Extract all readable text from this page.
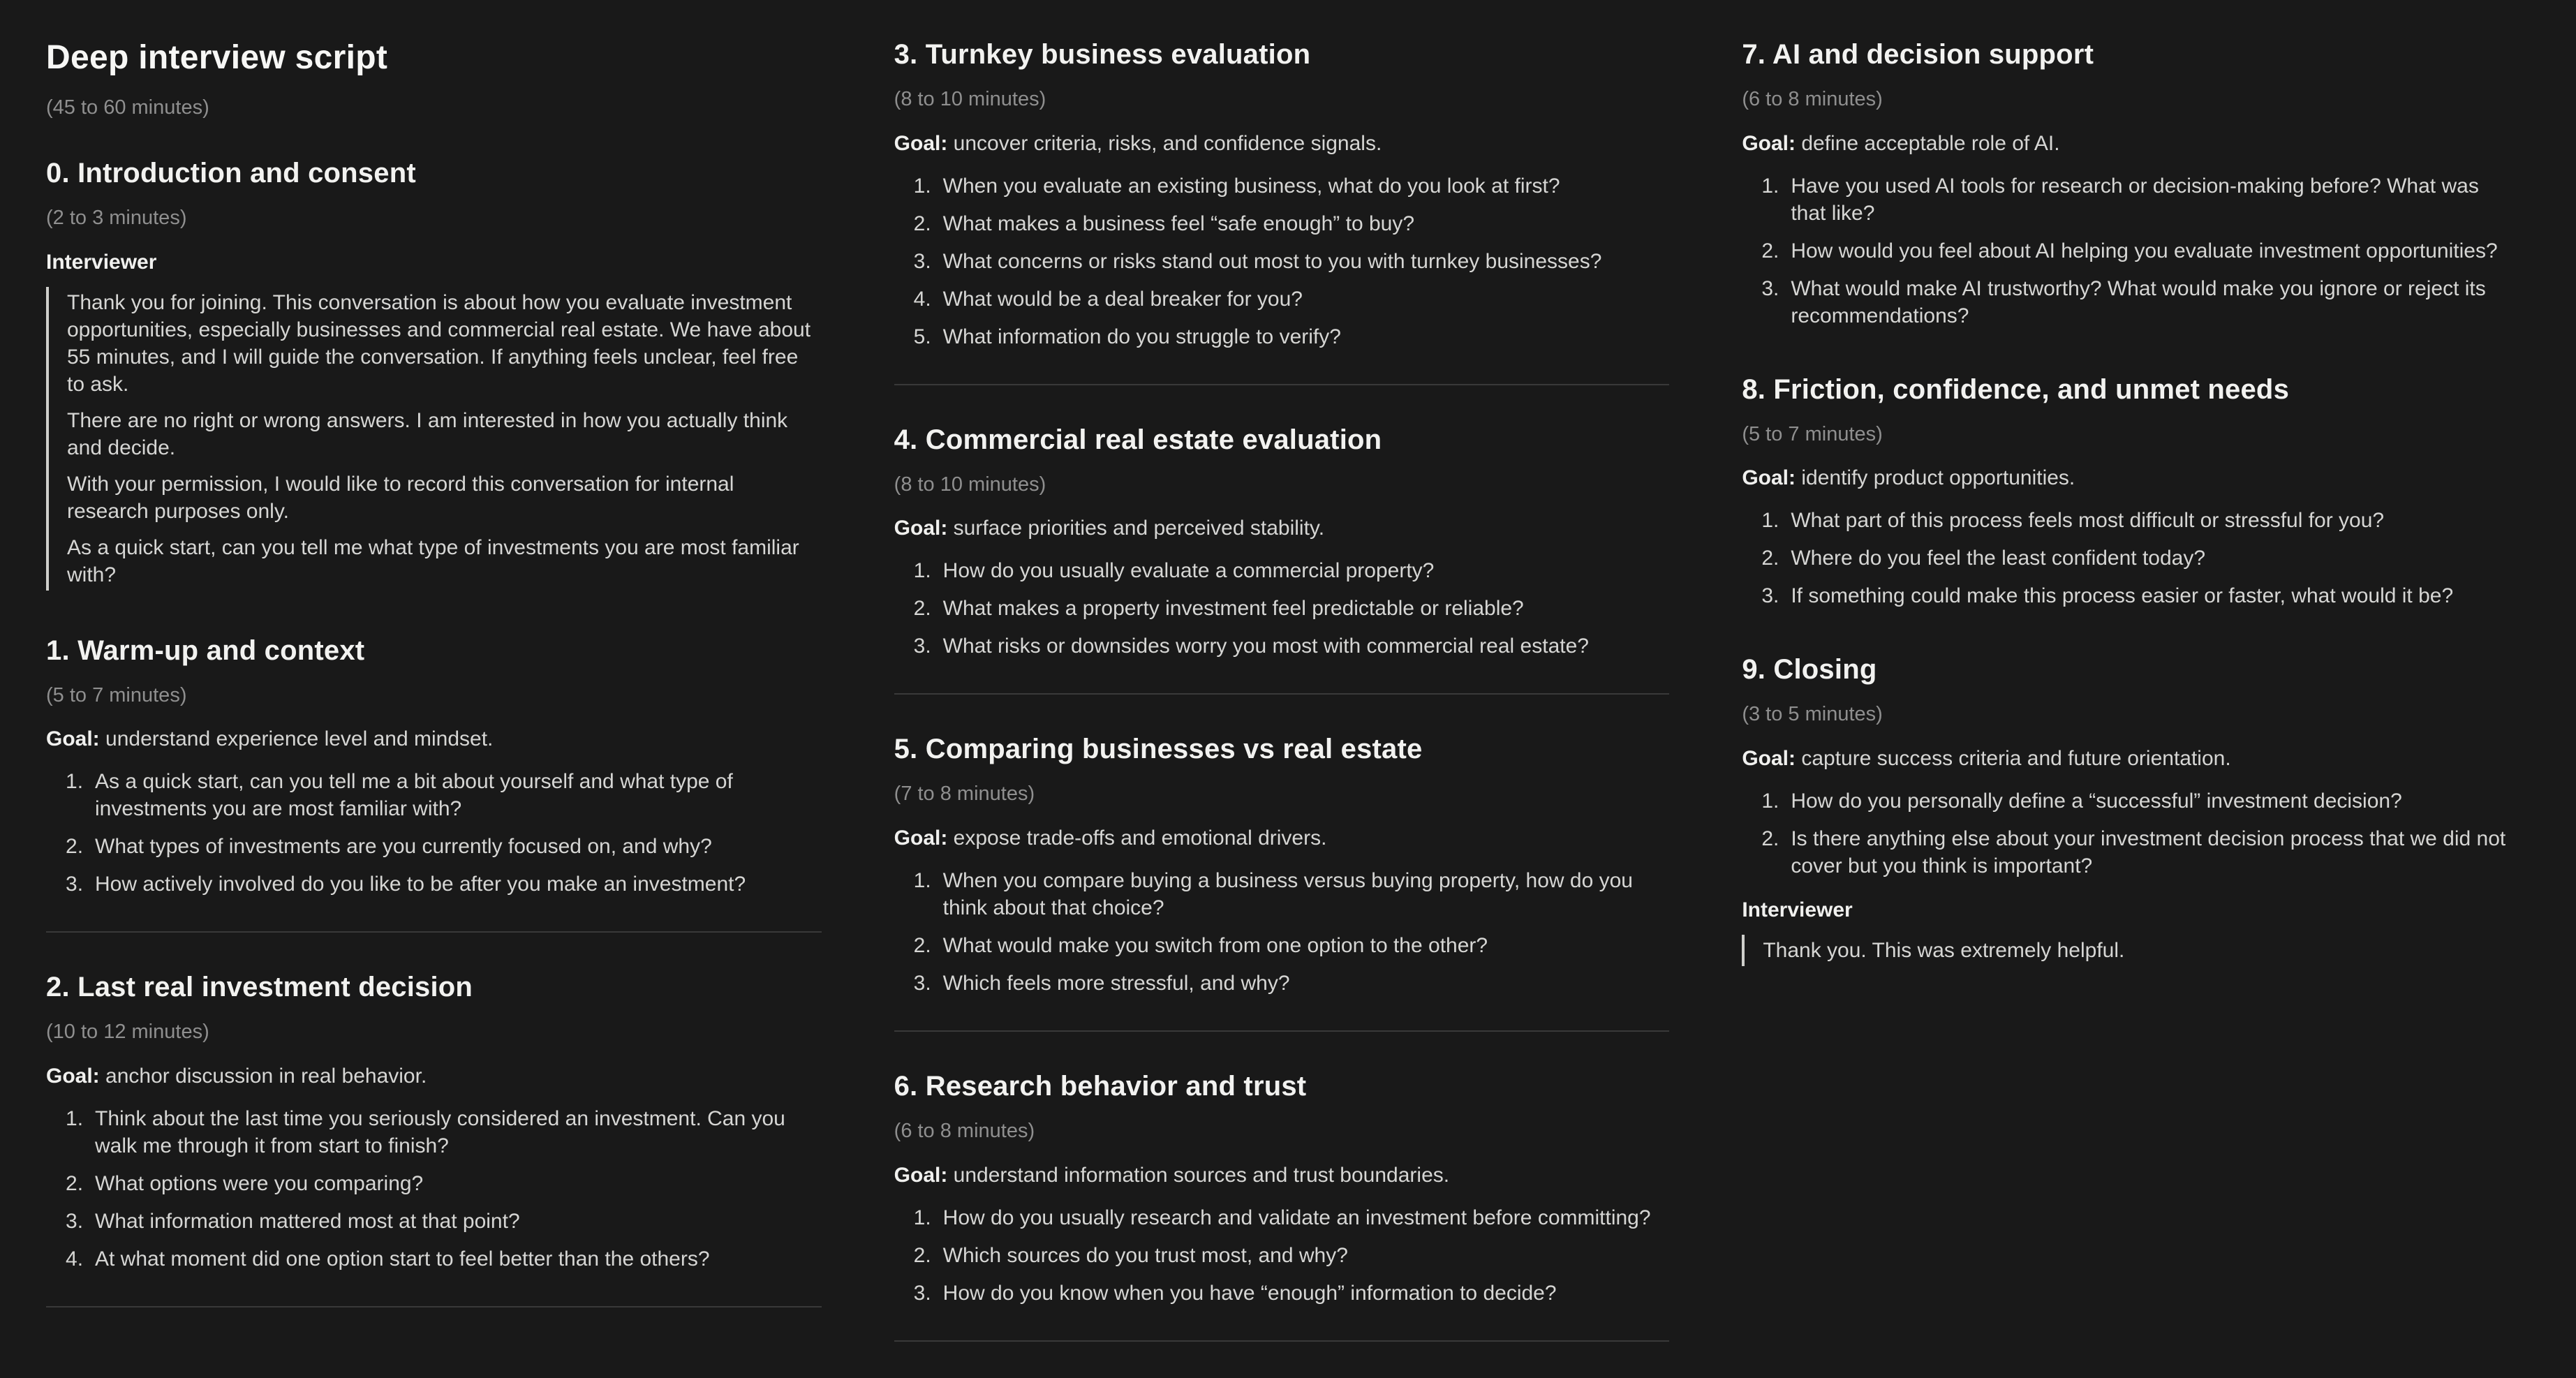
Deep interview script

(45 to 60 minutes)

0. Introduction and consent

(2 to 3 minutes)

Interviewer

Thank you for joining. This conversation is about how you evaluate investment opportunities, especially businesses and commercial real estate. We have about 55 minutes, and I will guide the conversation. If anything feels unclear, feel free to ask.

There are no right or wrong answers. I am interested in how you actually think and decide.

With your permission, I would like to record this conversation for internal research purposes only.

As a quick start, can you tell me what type of investments you are most familiar with?

1. Warm-up and context

(5 to 7 minutes)

Goal: understand experience level and mindset.

As a quick start, can you tell me a bit about yourself and what type of investments you are most familiar with?
What types of investments are you currently focused on, and why?
How actively involved do you like to be after you make an investment?
2. Last real investment decision

(10 to 12 minutes)

Goal: anchor discussion in real behavior.

Think about the last time you seriously considered an investment. Can you walk me through it from start to finish?
What options were you comparing?
What information mattered most at that point?
At what moment did one option start to feel better than the others?
3. Turnkey business evaluation

(8 to 10 minutes)

Goal: uncover criteria, risks, and confidence signals.

When you evaluate an existing business, what do you look at first?
What makes a business feel “safe enough” to buy?
What concerns or risks stand out most to you with turnkey businesses?
What would be a deal breaker for you?
What information do you struggle to verify?
4. Commercial real estate evaluation

(8 to 10 minutes)

Goal: surface priorities and perceived stability.

How do you usually evaluate a commercial property?
What makes a property investment feel predictable or reliable?
What risks or downsides worry you most with commercial real estate?
5. Comparing businesses vs real estate

(7 to 8 minutes)

Goal: expose trade-offs and emotional drivers.

When you compare buying a business versus buying property, how do you think about that choice?
What would make you switch from one option to the other?
Which feels more stressful, and why?
6. Research behavior and trust

(6 to 8 minutes)

Goal: understand information sources and trust boundaries.

How do you usually research and validate an investment before committing?
Which sources do you trust most, and why?
How do you know when you have “enough” information to decide?
7. AI and decision support

(6 to 8 minutes)

Goal: define acceptable role of AI.

Have you used AI tools for research or decision-making before? What was that like?
How would you feel about AI helping you evaluate investment opportunities?
What would make AI trustworthy? What would make you ignore or reject its recommendations?
8. Friction, confidence, and unmet needs

(5 to 7 minutes)

Goal: identify product opportunities.

What part of this process feels most difficult or stressful for you?
Where do you feel the least confident today?
If something could make this process easier or faster, what would it be?
9. Closing

(3 to 5 minutes)

Goal: capture success criteria and future orientation.

How do you personally define a “successful” investment decision?
Is there anything else about your investment decision process that we did not cover but you think is important?

Interviewer

Thank you. This was extremely helpful.
